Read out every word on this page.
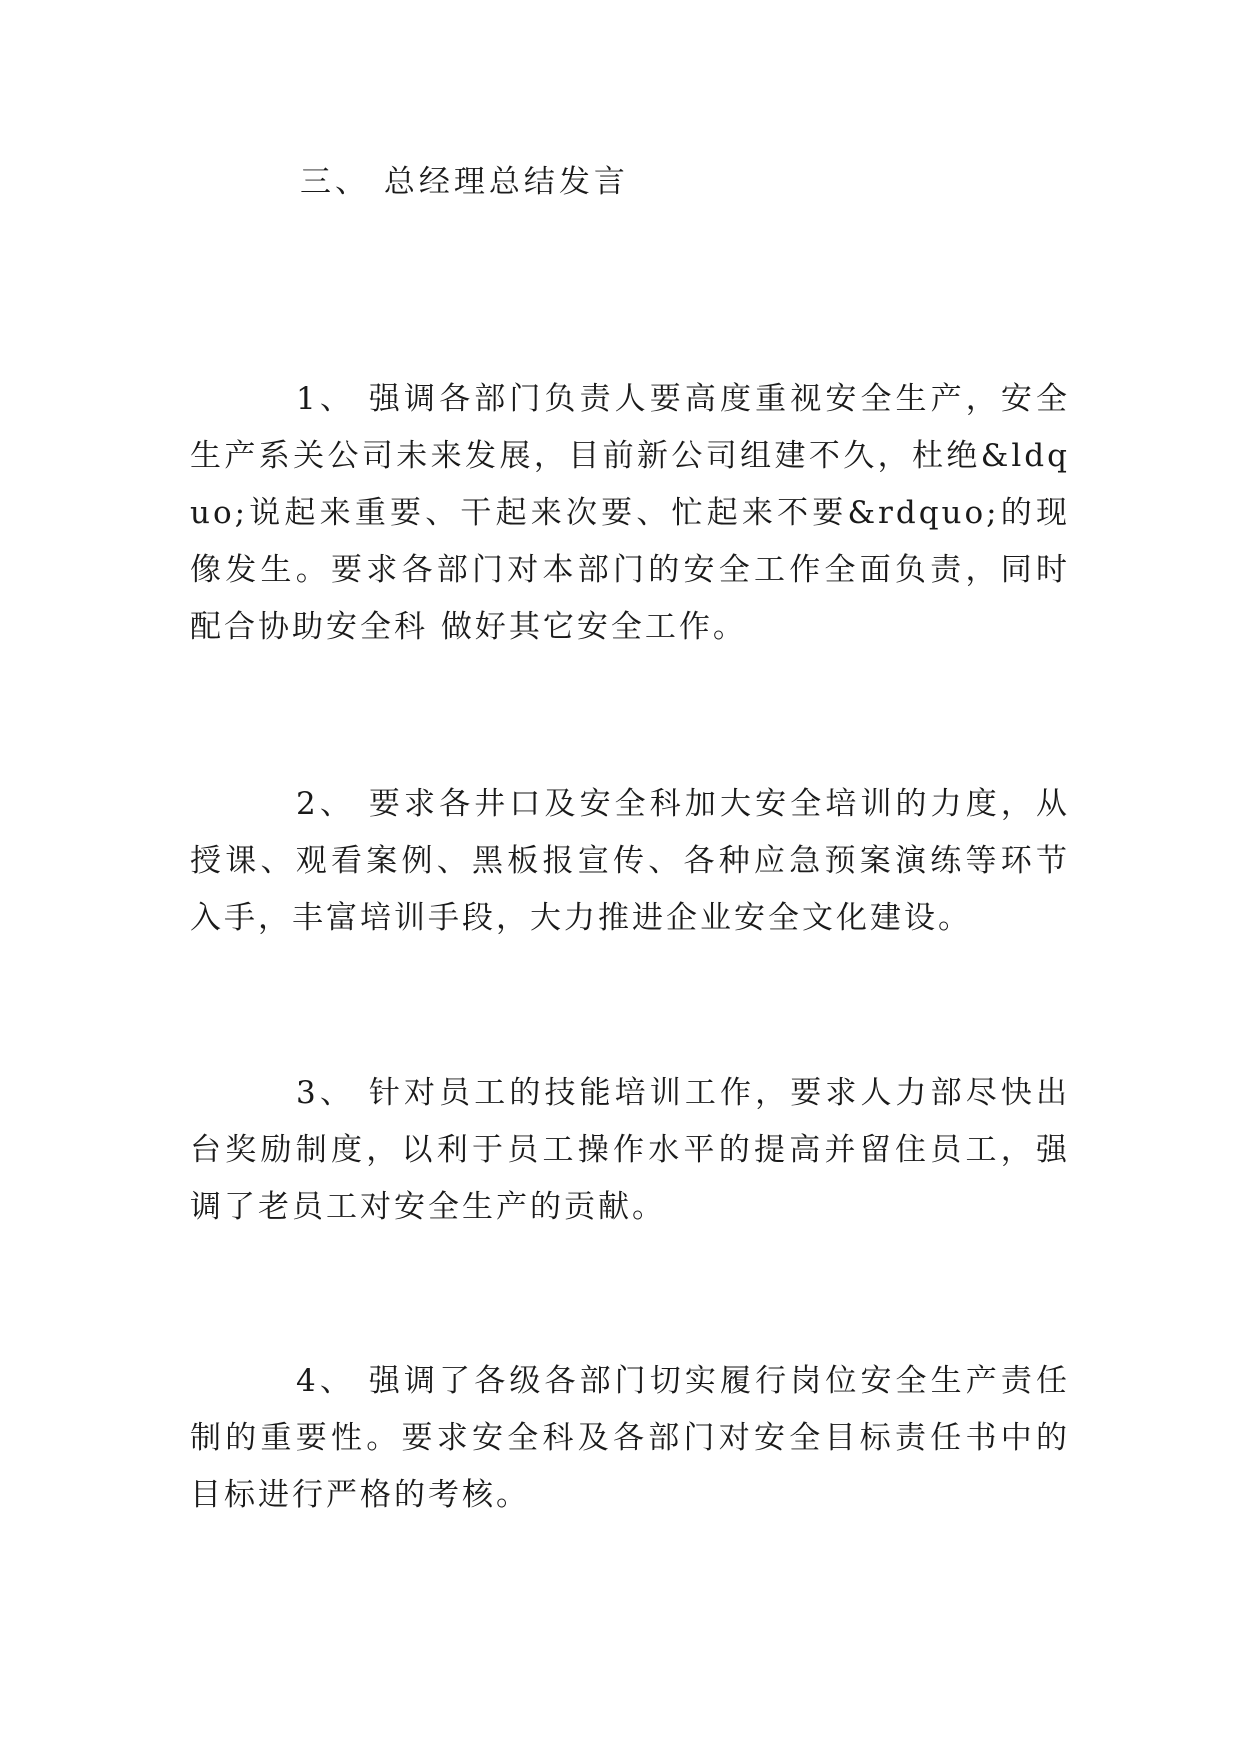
三、 总经理总结发言

1、 强调各部门负责人要高度重视安全生产，安全生产系关公司未来发展，目前新公司组建不久，杜绝&ldquo;说起来重要、干起来次要、忙起来不要&rdquo;的现像发生。要求各部门对本部门的安全工作全面负责，同时配合协助安全科 做好其它安全工作。

2、 要求各井口及安全科加大安全培训的力度，从授课、观看案例、黑板报宣传、各种应急预案演练等环节入手，丰富培训手段，大力推进企业安全文化建设。

3、 针对员工的技能培训工作，要求人力部尽快出台奖励制度，以利于员工操作水平的提高并留住员工，强调了老员工对安全生产的贡献。

4、 强调了各级各部门切实履行岗位安全生产责任制的重要性。要求安全科及各部门对安全目标责任书中的目标进行严格的考核。
